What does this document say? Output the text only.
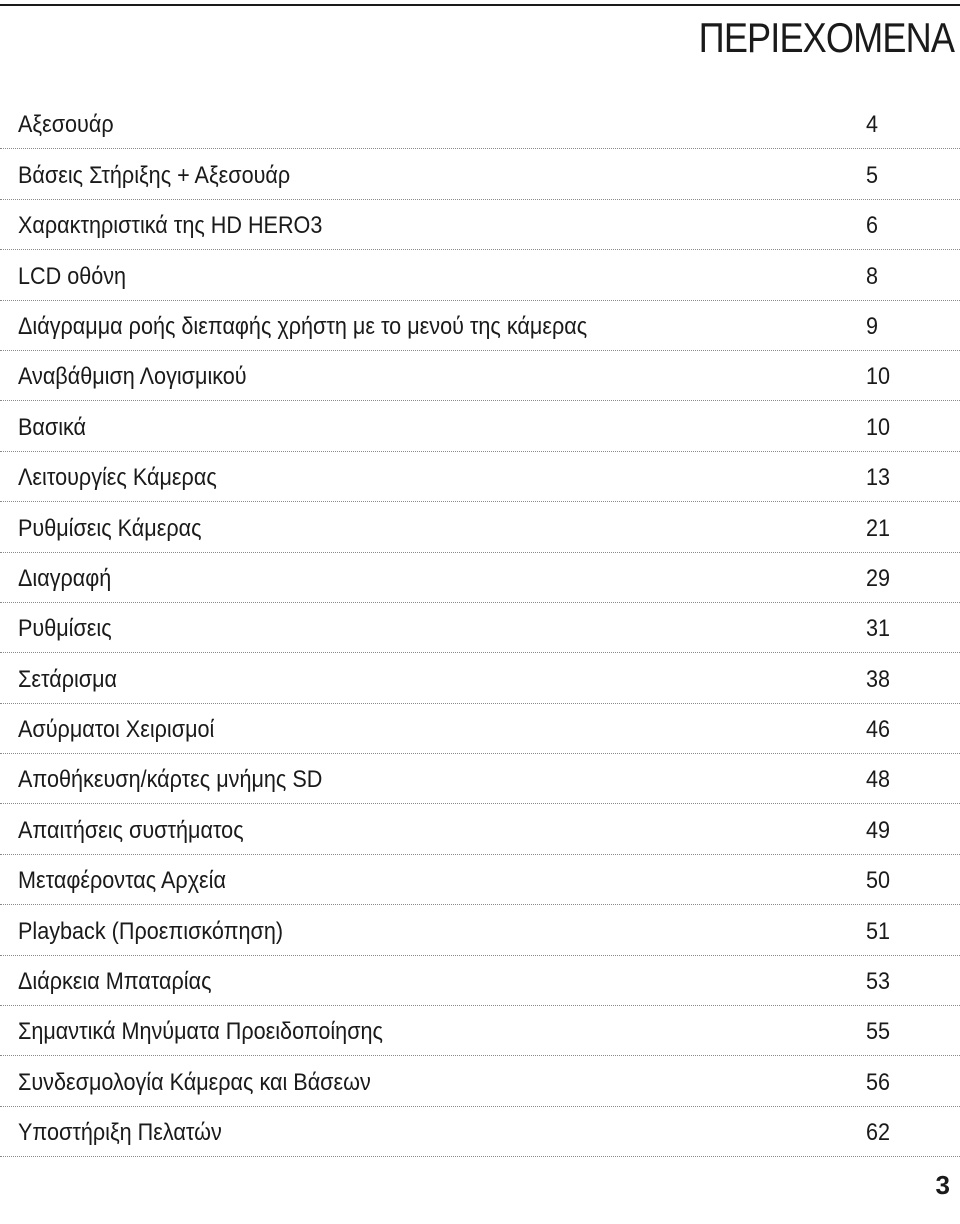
ΠΕΡΙΕΧΟΜΕΝΑ
Αξεσουάρ	4
Βάσεις Στήριξης + Αξεσουάρ	5
Χαρακτηριστικά της HD HERO3	6
LCD οθόνη	8
Διάγραμμα ροής διεπαφής χρήστη με το μενού της κάμερας	9
Αναβάθμιση Λογισμικού	10
Βασικά	10
Λειτουργίες Κάμερας	13
Ρυθμίσεις Κάμερας	21
Διαγραφή	29
Ρυθμίσεις	31
Σετάρισμα	38
Ασύρματοι Χειρισμοί	46
Αποθήκευση/κάρτες μνήμης SD	48
Απαιτήσεις συστήματος	49
Μεταφέροντας Αρχεία	50
Playback (Προεπισκόπηση)	51
Διάρκεια Μπαταρίας	53
Σημαντικά Μηνύματα Προειδοποίησης	55
Συνδεσμολογία Κάμερας και Βάσεων	56
Υποστήριξη Πελατών	62
3
